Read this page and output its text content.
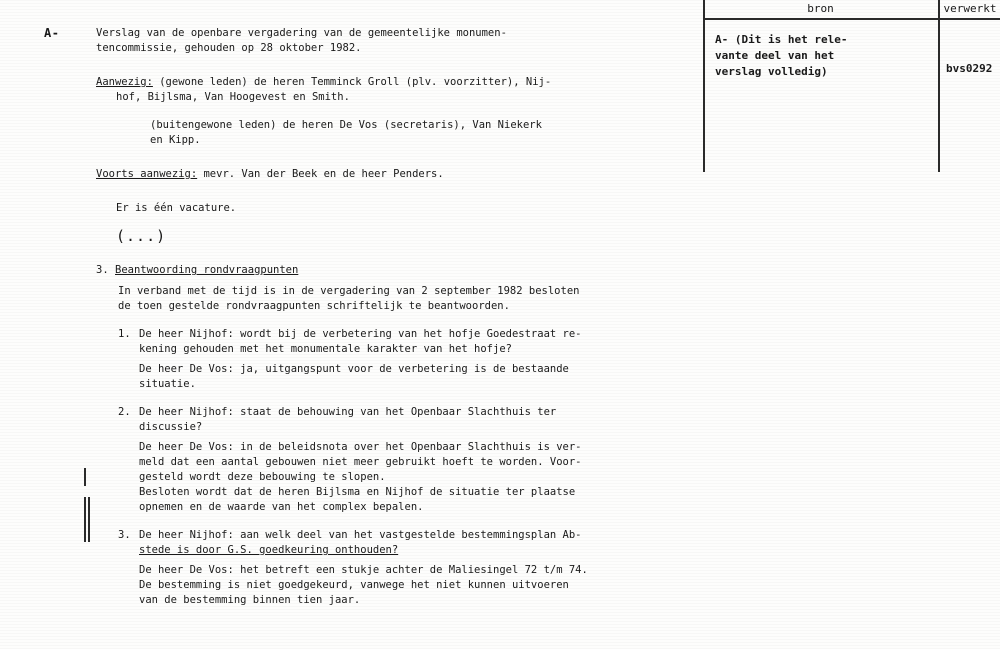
A-	Verslag van de openbare vergadering van de gemeentelijke monumen-
tencommissie, gehouden op 28 oktober 1982.
Aanwezig: (gewone leden) de heren Temminck Groll (plv. voorzitter), Nij-
hof, Bijlsma, Van Hoogevest en Smith.
(buitengewone leden) de heren De Vos (secretaris), Van Niekerk
en Kipp.
Voorts aanwezig: mevr. Van der Beek en de heer Penders.
Er is één vacature.
(...)
3. Beantwoording rondvraagpunten
In verband met de tijd is in de vergadering van 2 september 1982 besloten
de toen gestelde rondvraagpunten schriftelijk te beantwoorden.
1. De heer Nijhof: wordt bij de verbetering van het hofje Goedestraat re-
kening gehouden met het monumentale karakter van het hofje?
De heer De Vos: ja, uitgangspunt voor de verbetering is de bestaande
situatie.
2. De heer Nijhof: staat de behouwing van het Openbaar Slachthuis ter
discussie?
De heer De Vos: in de beleidsnota over het Openbaar Slachthuis is ver-
meld dat een aantal gebouwen niet meer gebruikt hoeft te worden. Voor-
gesteld wordt deze bebouwing te slopen.
Besloten wordt dat de heren Bijlsma en Nijhof de situatie ter plaatse
opnemen en de waarde van het complex bepalen.
3. De heer Nijhof: aan welk deel van het vastgestelde bestemmingsplan Ab-
stede is door G.S. goedkeuring onthouden?
De heer De Vos: het betreft een stukje achter de Maliesingel 72 t/m 74.
De bestemming is niet goedgekeurd, vanwege het niet kunnen uitvoeren
van de bestemming binnen tien jaar.
bron	verwerkt
A- (Dit is het rele-
vante deel van het
verslag volledig)	bvs0292
